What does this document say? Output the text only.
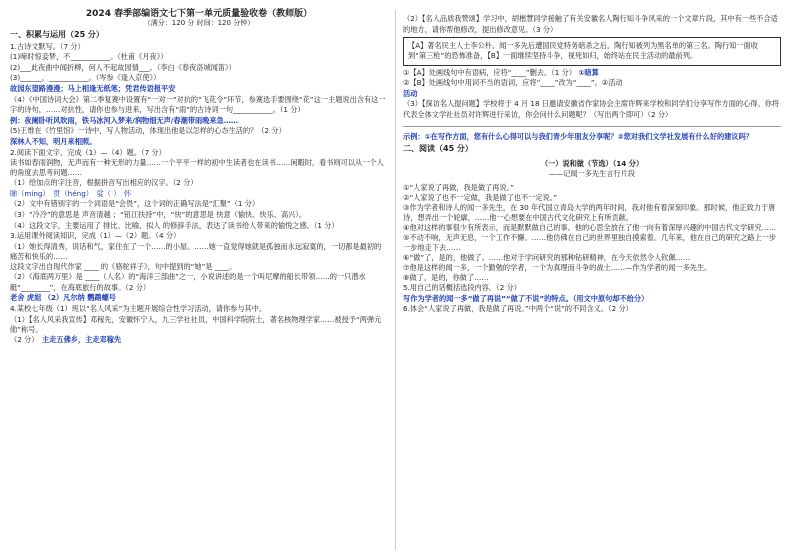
2024 春季部编语文七下第一单元质量验收卷（教师版）
（满分：120 分 时间：120 分钟）
一、积累与运用（25 分）

1.古诗文默写。（7 分）

(1)啼时惊妾梦，不___________。（杜甫《月夜》）

(2)___此夜曲中闻折柳，何人不起故园情___。（李白《春夜洛城闻笛》）

(3)______，___________。（岑参《逢入京使》）

故园东望路漫漫；马上相逢无纸笔；凭君传语报平安

（4）《中国诗词大会》第二季复赛中设置有“一对一”对抗的“飞花令”环节，参赛选手要围绕“花”这一主题说出含有这一字的诗句，……对抗性，请你也参与进来，写出含有“雨”的古诗词一句___________。（1 分）

例：夜阑卧听风吹雨，铁马冰河入梦来/润物细无声/春潮带雨晚来急……

(5)王维在《竹里馆》一诗中，写人物活动，体现出他是以怎样的心态生活的？（2 分）

深林人不知，明月来相照。

2.阅读下面文字，完成（1）—（4）题。（7 分）

读书如春雨润物，无声而有一种无形的力量……一个平平一样的初中生读者也在读书……闲暇时，看书则可以从一个人的角度去思考问题……

（1）给加点的字注音，根据拼音写出相应的汉字。（2 分）

睇（míng）　 贯（héng）　 娑（ ）　 怀

（2）文中有错别字的一个词语是“会畏”，这个词的正确写法是“汇聚”（1 分）

（3）“冷冷”的意思是 声音清越 ；“钮江扶持”中，“快”的意思是 快意（愉快、快乐、高兴）。

（4）这段文字，主要运用了 排比、比喻、拟人 的修辞手法，表达了读书给人带来的愉悦之感。（1 分）

3.运用课外阅读知识，完成（1）—（2）题。（4 分）

（1）她长得清秀，说话和气，家住在了一个……的小屋。……她一直觉得她就是孤独而永远寂寞的，一切都是最初的痛苦和快乐的……

这段文字出自现代作家 ____ 的《骆驼祥子》，句中提到的“她”是 ____。

（2）《海底两万里》是 ____（人名）的“海洋三部曲”之一，小说讲述的是一个叫尼摩的船长带领……的一只潜水艇“________”，在海底旅行的故事。（2 分）

老舍 虎姐 （2）凡尔纳 鹦鹉螺号

4.某校七年级（1）班以“名人风采”为主题开展综合性学习活动，请你参与其中。

（1）【名人风采我宣传】邓稼先，安徽怀宁人，九三学社社员，中国科学院院士，著名核物理学家……被授予“两弹元勋”称号。

（2 分）　 主走五佛乡，主走邓稼先

（2）【名人品质我赞颂】学习中，胡楷慧同学接触了有关安徽名人陶行知斗争风采的一个文章片段，其中有一些不合适的地方，请你帮他修改，提出修改意见。（3 分）

【A】著名民主人士李公朴、闻一多先后遭国民党特务暗杀之后，陶行知被列为黑名单的第三名。陶行知一面收到“第三枪”的恐怖准备，【B】一面继续坚持斗争，视死如归，始终站在民主活动的最前列。

①【A】处画线句中有语病，应将“____”删去。（1 分） ①暗算

②【B】处画线句中用词不当的语词，应将“____”改为“____”。②活动

活动

（3）【探访名人提问题】学校将于 4 月 18 日邀请安徽省作家协会主席许辉来学校和同学们分享写作方面的心得。你将代表全体文学社社员对许辉进行采访，你会问什么问题呢？（写出两个即可）（2 分）

示例：①在写作方面，您有什么心得可以与我们青少年朋友分享呢？②您对我们文学社发展有什么好的建议吗？

二、阅读（45 分）
（一）说和做（节选）（14 分）
——记闻一多先生言行片段

①“人家说了再做，我是做了再说。”

②“人家说了也不一定做，我是做了也不一定说。”

③作为学者和诗人的闻一多先生，在 30 年代国立青岛大学的两年时间，我对他有着深刻印象。那时候，他正致力于唐诗，想弄出一个轮廓，……他一心想要在中国古代文化研究上有所贡献。

④他对这样的事很少有所表示，而是默默做自己的事。他的心思全放在了他一向有着深厚兴趣的中国古代文学研究……

⑤不动不响，无声无息，一个工作不懈。……他仿佛在自己的世界里独自摸索着。几年来，他在自己的研究之路上一步一步地走下去……

⑥“做”了，是的，他做了。……他对于学问研究的那种钻研精神，在今天依然令人钦佩……

⑦他是这样的闻一多，一个勤勉的学者，一个为真理而斗争的战士……—作为学者的闻一多先生。

⑧做了，是的，你做了……

5.用自己的话概括选段内容。（2 分）

写作为学者的闻一多“做了再说”“做了不说”的特点。（用文中原句却不给分）

6.体会“人家说了再做，我是做了再说。”中两个“说”的不同含义。（2 分）
